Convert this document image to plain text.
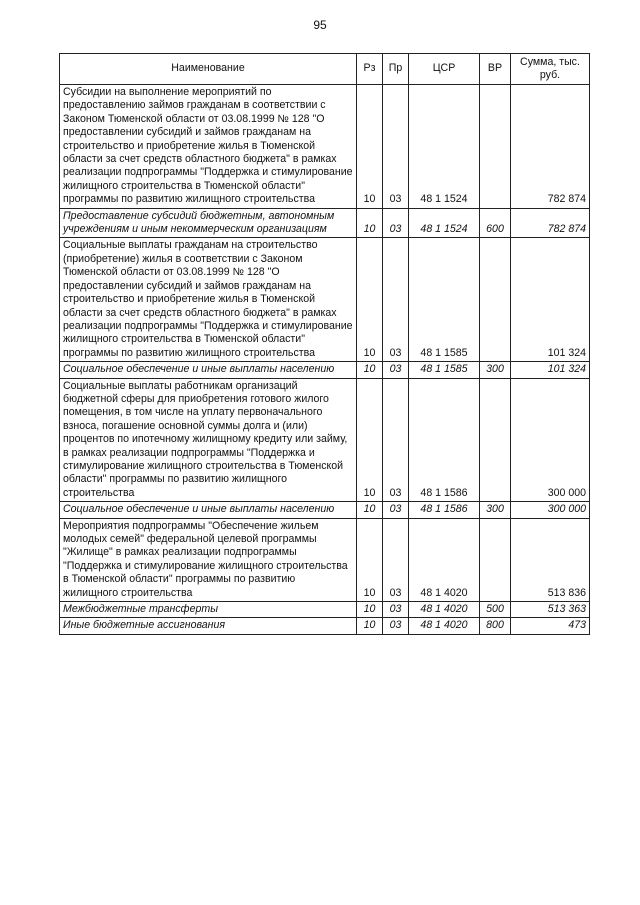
95
Наименование	Рз	Пр	ЦСР	ВР	Сумма, тыс. руб.
Субсидии на выполнение мероприятий по предоставлению займов гражданам в соответствии с Законом Тюменской области от 03.08.1999 № 128 "О предоставлении субсидий и займов гражданам на строительство и приобретение жилья в Тюменской области за счет средств областного бюджета" в рамках реализации подпрограммы "Поддержка и стимулирование жилищного строительства в Тюменской области" программы по развитию жилищного строительства	10	03	48 1 1524		782 874
Предоставление субсидий бюджетным, автономным учреждениям и иным некоммерческим организациям	10	03	48 1 1524	600	782 874
Социальные выплаты гражданам на строительство (приобретение) жилья в соответствии с Законом Тюменской области от 03.08.1999 № 128 "О предоставлении субсидий и займов гражданам на строительство и приобретение жилья в Тюменской области за счет средств областного бюджета" в рамках реализации подпрограммы "Поддержка и стимулирование жилищного строительства в Тюменской области" программы по развитию жилищного строительства	10	03	48 1 1585		101 324
Социальное обеспечение и иные выплаты населению	10	03	48 1 1585	300	101 324
Социальные выплаты работникам организаций бюджетной сферы для приобретения готового жилого помещения, в том числе на уплату первоначального взноса, погашение основной суммы долга и (или) процентов по ипотечному жилищному кредиту или займу, в рамках реализации подпрограммы "Поддержка и стимулирование жилищного строительства в Тюменской области" программы по развитию жилищного строительства	10	03	48 1 1586		300 000
Социальное обеспечение и иные выплаты населению	10	03	48 1 1586	300	300 000
Мероприятия подпрограммы "Обеспечение жильем молодых семей" федеральной целевой программы "Жилище" в рамках реализации подпрограммы "Поддержка и стимулирование жилищного строительства в Тюменской области" программы по развитию жилищного строительства	10	03	48 1 4020		513 836
Межбюджетные трансферты	10	03	48 1 4020	500	513 363
Иные бюджетные ассигнования	10	03	48 1 4020	800	473
